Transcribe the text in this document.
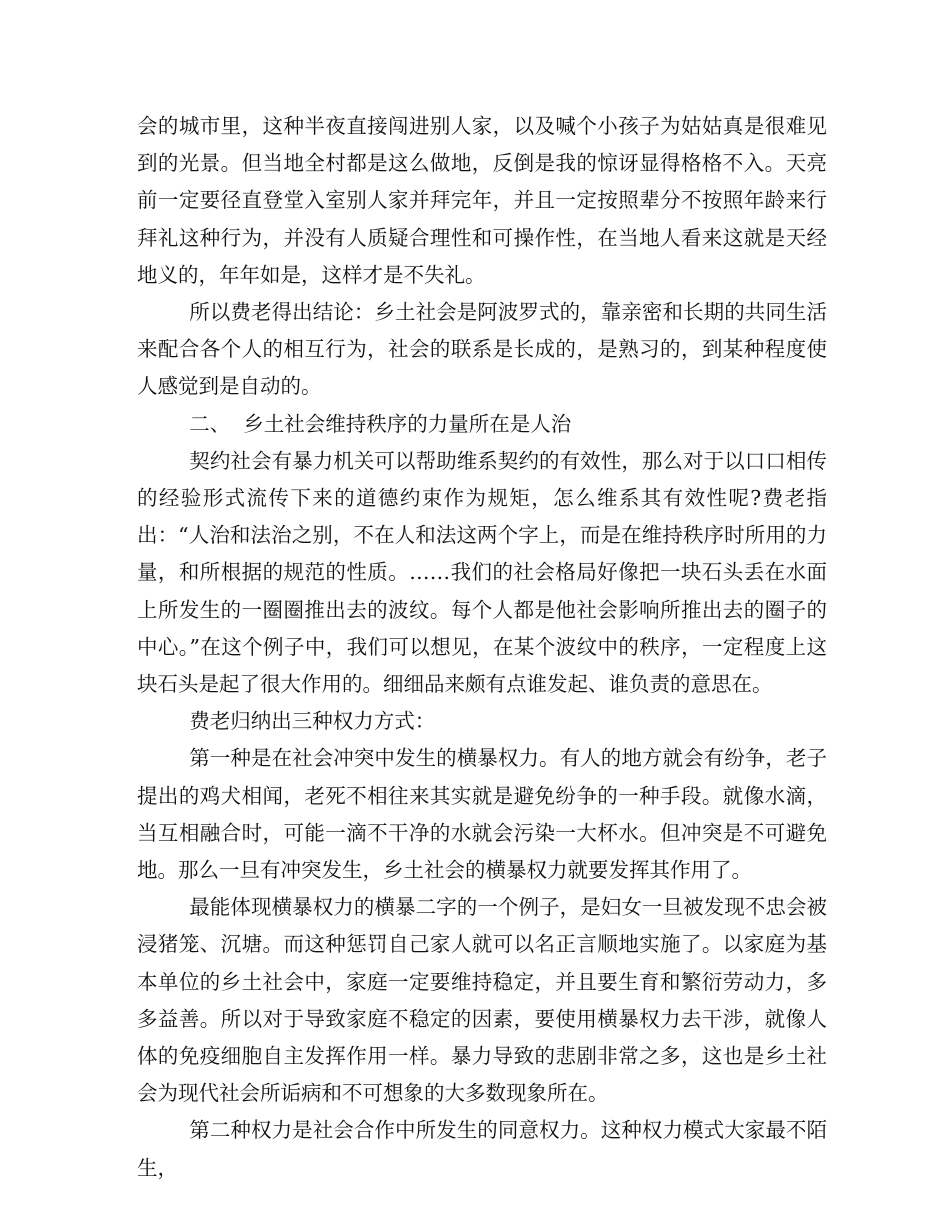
会的城市里，这种半夜直接闯进别人家，以及喊个小孩子为姑姑真是很难见到的光景。但当地全村都是这么做地，反倒是我的惊讶显得格格不入。天亮前一定要径直登堂入室别人家并拜完年，并且一定按照辈分不按照年龄来行拜礼这种行为，并没有人质疑合理性和可操作性，在当地人看来这就是天经地义的，年年如是，这样才是不失礼。

所以费老得出结论：乡土社会是阿波罗式的，靠亲密和长期的共同生活来配合各个人的相互行为，社会的联系是长成的，是熟习的，到某种程度使人感觉到是自动的。

二、  乡土社会维持秩序的力量所在是人治

契约社会有暴力机关可以帮助维系契约的有效性，那么对于以口口相传的经验形式流传下来的道德约束作为规矩，怎么维系其有效性呢?费老指出：“人治和法治之别，不在人和法这两个字上，而是在维持秩序时所用的力量，和所根据的规范的性质。……我们的社会格局好像把一块石头丢在水面上所发生的一圈圈推出去的波纹。每个人都是他社会影响所推出去的圈子的中心。”在这个例子中，我们可以想见，在某个波纹中的秩序，一定程度上这块石头是起了很大作用的。细细品来颇有点谁发起、谁负责的意思在。

费老归纳出三种权力方式：

第一种是在社会冲突中发生的横暴权力。有人的地方就会有纷争，老子提出的鸡犬相闻，老死不相往来其实就是避免纷争的一种手段。就像水滴，当互相融合时，可能一滴不干净的水就会污染一大杯水。但冲突是不可避免地。那么一旦有冲突发生，乡土社会的横暴权力就要发挥其作用了。

最能体现横暴权力的横暴二字的一个例子，是妇女一旦被发现不忠会被浸猪笼、沉塘。而这种惩罚自己家人就可以名正言顺地实施了。以家庭为基本单位的乡土社会中，家庭一定要维持稳定，并且要生育和繁衍劳动力，多多益善。所以对于导致家庭不稳定的因素，要使用横暴权力去干涉，就像人体的免疫细胞自主发挥作用一样。暴力导致的悲剧非常之多，这也是乡土社会为现代社会所诟病和不可想象的大多数现象所在。

第二种权力是社会合作中所发生的同意权力。这种权力模式大家最不陌生，
